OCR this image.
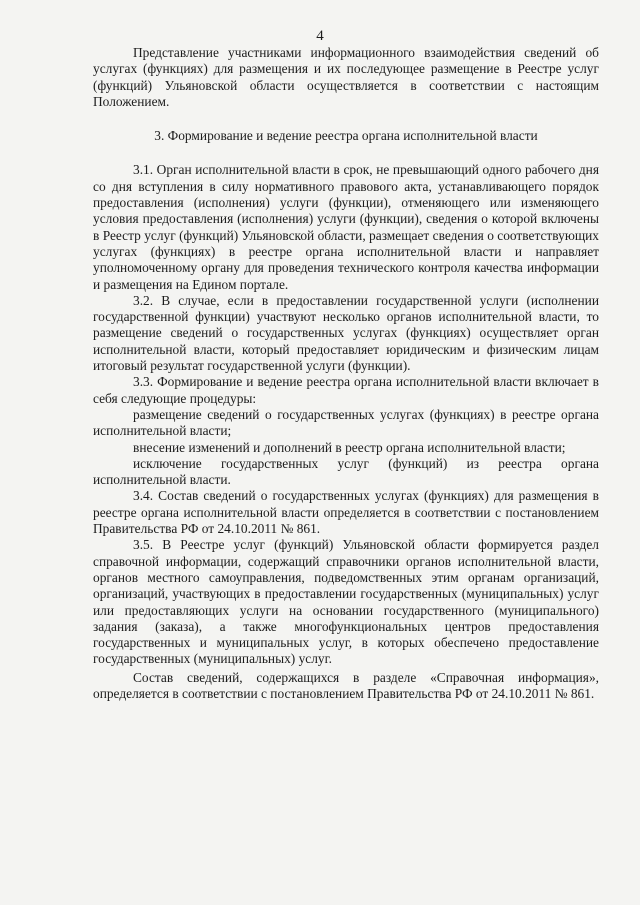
4

Представление участниками информационного взаимодействия сведений об услугах (функциях) для размещения и их последующее размещение в Реестре услуг (функций) Ульяновской области осуществляется в соответствии с настоящим Положением.

3. Формирование и ведение реестра органа исполнительной власти

3.1. Орган исполнительной власти в срок, не превышающий одного рабочего дня со дня вступления в силу нормативного правового акта, устанавливающего порядок предоставления (исполнения) услуги (функции), отменяющего или изменяющего условия предоставления (исполнения) услуги (функции), сведения о которой включены в Реестр услуг (функций) Ульяновской области, размещает сведения о соответствующих услугах (функциях) в реестре органа исполнительной власти и направляет уполномоченному органу для проведения технического контроля качества информации и размещения на Едином портале.

3.2. В случае, если в предоставлении государственной услуги (исполнении государственной функции) участвуют несколько органов исполнительной власти, то размещение сведений о государственных услугах (функциях) осуществляет орган исполнительной власти, который предоставляет юридическим и физическим лицам итоговый результат государственной услуги (функции).

3.3. Формирование и ведение реестра органа исполнительной власти включает в себя следующие процедуры:

размещение сведений о государственных услугах (функциях) в реестре органа исполнительной власти;

внесение изменений и дополнений в реестр органа исполнительной власти;

исключение государственных услуг (функций) из реестра органа исполнительной власти.

3.4. Состав сведений о государственных услугах (функциях) для размещения в реестре органа исполнительной власти определяется в соответствии с постановлением Правительства РФ от 24.10.2011 № 861.

3.5. В Реестре услуг (функций) Ульяновской области формируется раздел справочной информации, содержащий справочники органов исполнительной власти, органов местного самоуправления, подведомственных этим органам организаций, организаций, участвующих в предоставлении государственных (муниципальных) услуг или предоставляющих услуги на основании государственного (муниципального) задания (заказа), а также многофункциональных центров предоставления государственных и муниципальных услуг, в которых обеспечено предоставление государственных (муниципальных) услуг.

Состав сведений, содержащихся в разделе «Справочная информация», определяется в соответствии с постановлением Правительства РФ от 24.10.2011 № 861.
